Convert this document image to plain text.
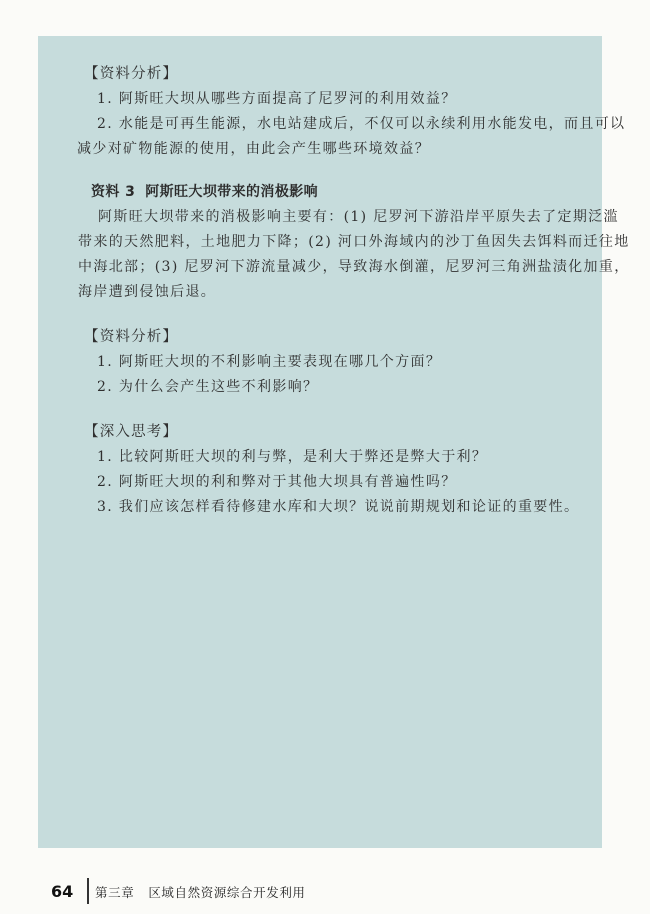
【资料分析】
1. 阿斯旺大坝从哪些方面提高了尼罗河的利用效益？
2. 水能是可再生能源，水电站建成后，不仅可以永续利用水能发电，而且可以
减少对矿物能源的使用，由此会产生哪些环境效益？
资料 3 阿斯旺大坝带来的消极影响
阿斯旺大坝带来的消极影响主要有：(1) 尼罗河下游沿岸平原失去了定期泛滥
带来的天然肥料，土地肥力下降；(2) 河口外海域内的沙丁鱼因失去饵料而迁往地
中海北部；(3) 尼罗河下游流量减少，导致海水倒灌，尼罗河三角洲盐渍化加重，
海岸遭到侵蚀后退。
【资料分析】
1. 阿斯旺大坝的不利影响主要表现在哪几个方面？
2. 为什么会产生这些不利影响？
【深入思考】
1. 比较阿斯旺大坝的利与弊，是利大于弊还是弊大于利？
2. 阿斯旺大坝的利和弊对于其他大坝具有普遍性吗？
3. 我们应该怎样看待修建水库和大坝？说说前期规划和论证的重要性。
64 第三章 区域自然资源综合开发利用
